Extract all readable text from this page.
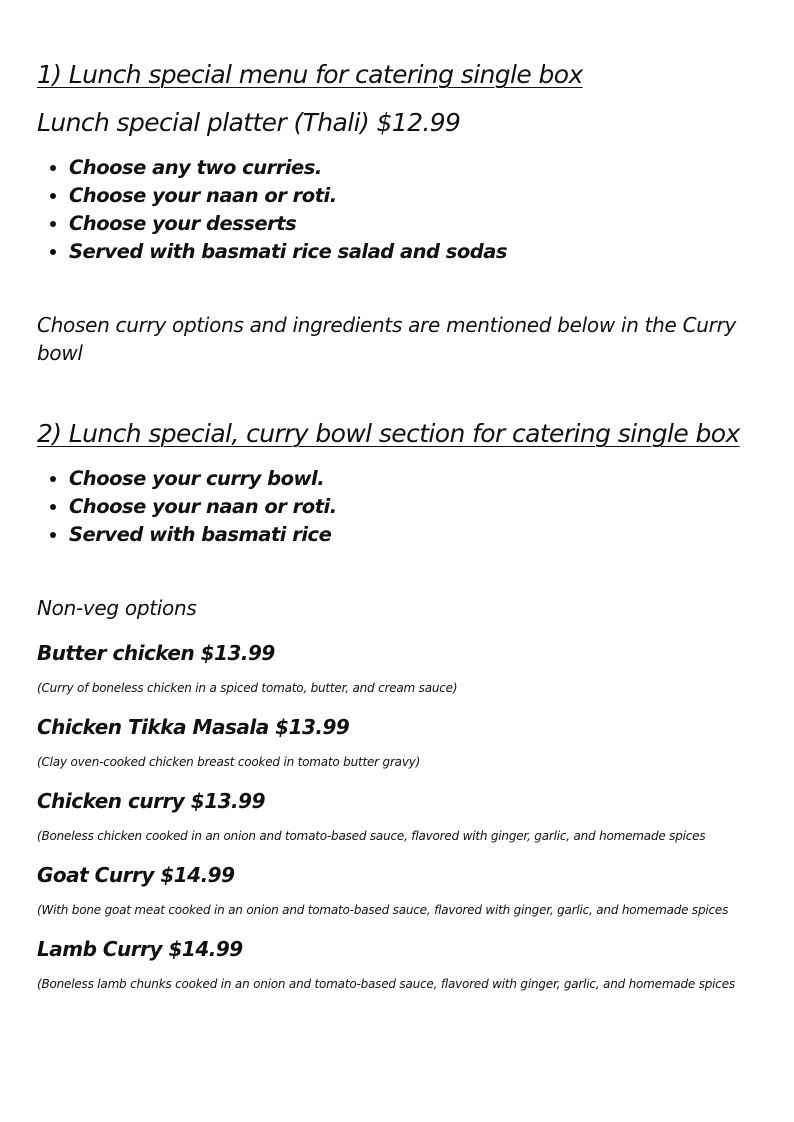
1) Lunch special menu for catering single box
Lunch special platter (Thali) $12.99
• Choose any two curries.
• Choose your naan or roti.
• Choose your desserts
• Served with basmati rice salad and sodas

Chosen curry options and ingredients are mentioned below in the Curry bowl

2) Lunch special, curry bowl section for catering single box
• Choose your curry bowl.
• Choose your naan or roti.
• Served with basmati rice
Non-veg options
Butter chicken $13.99
(Curry of boneless chicken in a spiced tomato, butter, and cream sauce)
Chicken Tikka Masala $13.99
(Clay oven-cooked chicken breast cooked in tomato butter gravy)
Chicken curry $13.99
(Boneless chicken cooked in an onion and tomato-based sauce, flavored with ginger, garlic, and homemade spices
Goat Curry $14.99
(With bone goat meat cooked in an onion and tomato-based sauce, flavored with ginger, garlic, and homemade spices
Lamb Curry $14.99
(Boneless lamb chunks cooked in an onion and tomato-based sauce, flavored with ginger, garlic, and homemade spices
